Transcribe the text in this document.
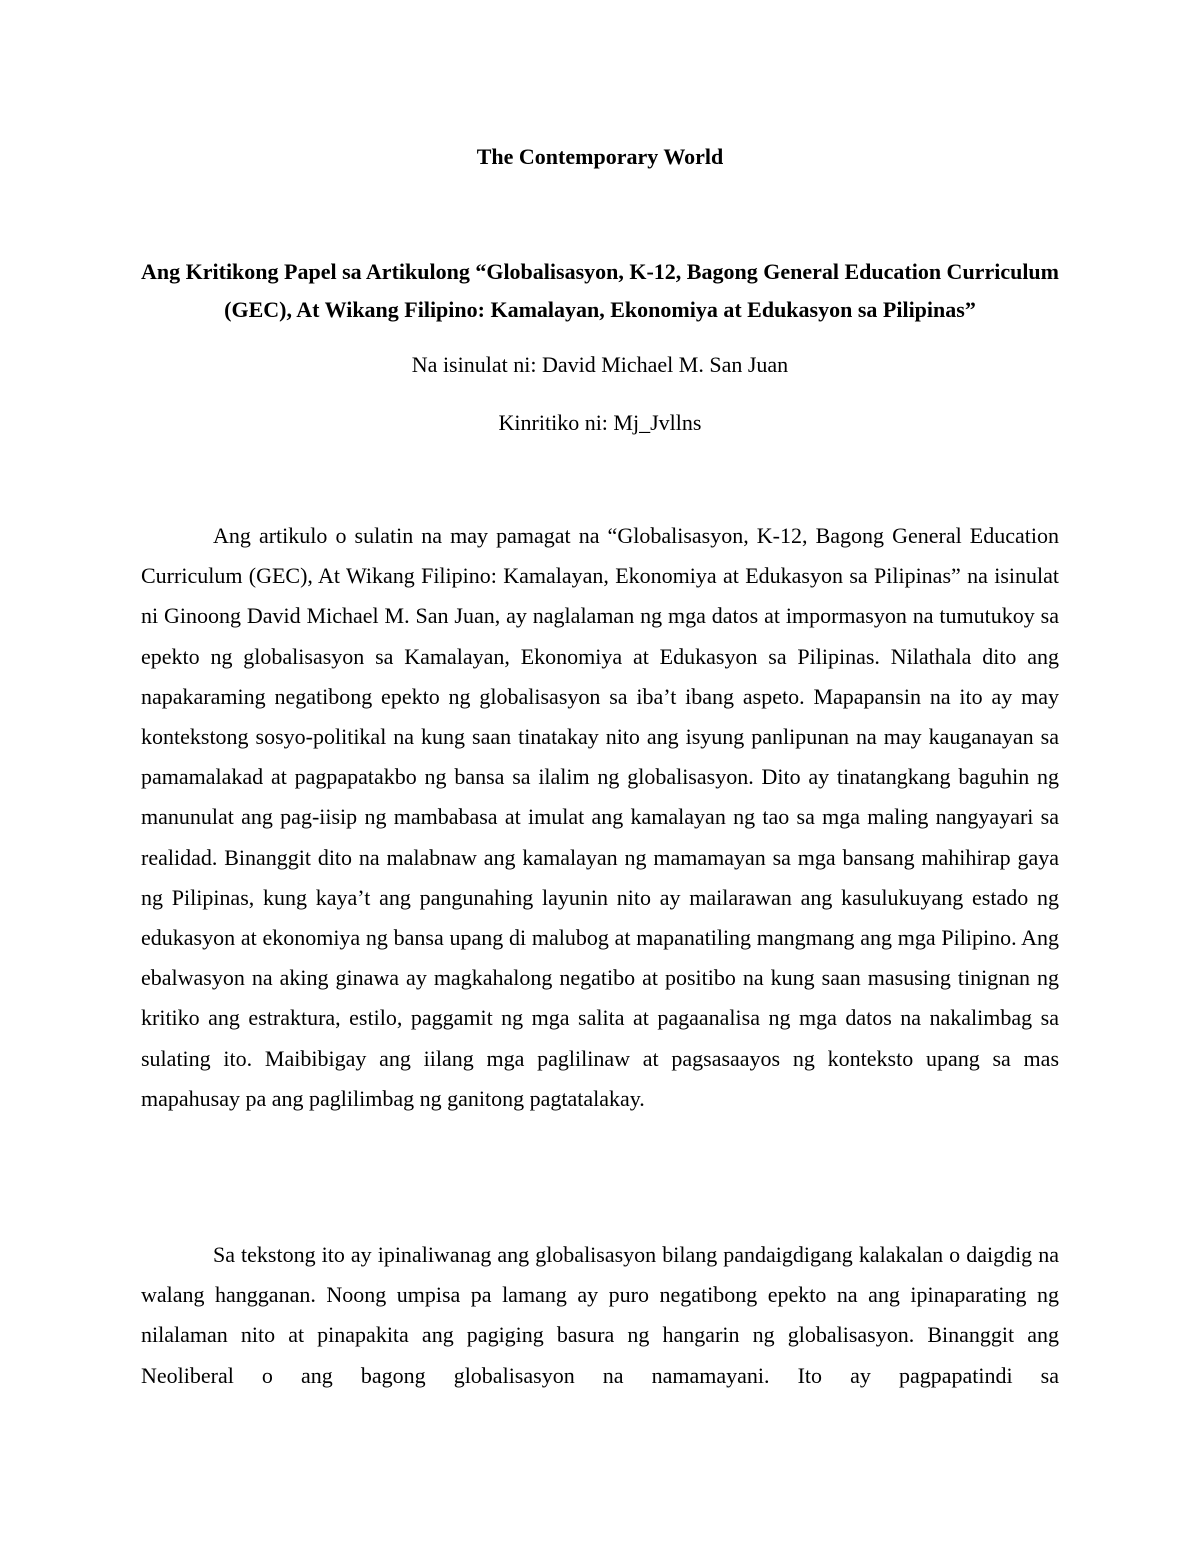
The Contemporary World
Ang Kritikong Papel sa Artikulong “Globalisasyon, K-12, Bagong General Education Curriculum (GEC), At Wikang Filipino: Kamalayan, Ekonomiya at Edukasyon sa Pilipinas”

Na isinulat ni: David Michael M. San Juan

Kinritiko ni: Mj_Jvllns

Ang artikulo o sulatin na may pamagat na “Globalisasyon, K-12, Bagong General Education Curriculum (GEC), At Wikang Filipino: Kamalayan, Ekonomiya at Edukasyon sa Pilipinas” na isinulat ni Ginoong David Michael M. San Juan, ay naglalaman ng mga datos at impormasyon na tumutukoy sa epekto ng globalisasyon sa Kamalayan, Ekonomiya at Edukasyon sa Pilipinas. Nilathala dito ang napakaraming negatibong epekto ng globalisasyon sa iba’t ibang aspeto. Mapapansin na ito ay may kontekstong sosyo-politikal na kung saan tinatakay nito ang isyung panlipunan na may kauganayan sa pamamalakad at pagpapatakbo ng bansa sa ilalim ng globalisasyon. Dito ay tinatangkang baguhin ng manunulat ang pag-iisip ng mambabasa at imulat ang kamalayan ng tao sa mga maling nangyayari sa realidad. Binanggit dito na malabnaw ang kamalayan ng mamamayan sa mga bansang mahihirap gaya ng Pilipinas, kung kaya’t ang pangunahing layunin nito ay mailarawan ang kasulukuyang estado ng edukasyon at ekonomiya ng bansa upang di malubog at mapanatiling mangmang ang mga Pilipino. Ang ebalwasyon na aking ginawa ay magkahalong negatibo at positibo na kung saan masusing tinignan ng kritiko ang estraktura, estilo, paggamit ng mga salita at pagaanalisa ng mga datos na nakalimbag sa sulating ito. Maibibigay ang iilang mga paglilinaw at pagsasaayos ng konteksto upang sa mas mapahusay pa ang paglilimbag ng ganitong pagtatalakay.

Sa tekstong ito ay ipinaliwanag ang globalisasyon bilang pandaigdigang kalakalan o daigdig na walang hangganan. Noong umpisa pa lamang ay puro negatibong epekto na ang ipinaparating ng nilalaman nito at pinapakita ang pagiging basura ng hangarin ng globalisasyon. Binanggit ang Neoliberal o ang bagong globalisasyon na namamayani. Ito ay pagpapatindi sa
